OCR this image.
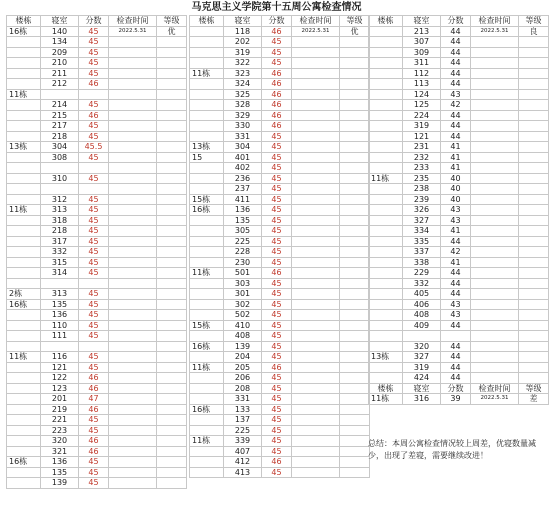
马克思主义学院第十五周公寓检查情况
楼栋	寝室	分数	检查时间	等级
16栋	140	45	2022.5.31	优
	134	45		
	209	45		
	210	45		
	211	45		
	212	46		
11栋				
	214	45		
	215	46		
	217	45		
	218	45		
13栋	304	45.5		
	308	45		

	310	45		

	312	45		
11栋	313	45		
	318	45		
	218	45		
	317	45		
	332	45		
	315	45		
	314	45		

2栋	313	45		
16栋	135	45		
	136	45		
	110	45		
	111	45		

11栋	116	45		
	121	45		
	122	46		
	123	46		
	201	47		
	219	46		
	221	45		
	223	45		
	320	46		
	321	46		
16栋	136	45		
	135	45		
	139	45		
楼栋	寝室	分数	检查时间	等级
	118	46	2022.5.31	优
	202	45		
	319	45		
	322	45		
11栋	323	46		
	324	46		
	325	46		
	328	46		
	329	46		
	330	46		
	331	45		
13栋	304	45		
15	401	45		
	402	45		
	236	45		
	237	45		
15栋	411	45		
16栋	136	45		
	135	45		
	305	45		
	225	45		
	228	45		
	230	45		
11栋	501	46		
	303	45		
	301	45		
	302	45		
	502	45		
15栋	410	45		
	408	45		
16栋	139	45		
	204	45		
11栋	205	46		
	206	45		
	208	45		
	331	45		
16栋	133	45		
	137	45		
	225	45		
11栋	339	45		
	407	45		
	412	46		
	413	45		
楼栋	寝室	分数	检查时间	等级
	213	44	2022.5.31	良
	307	44		
	309	44		
	311	44		
	112	44		
	113	44		
	124	43		
	125	42		
	224	44		
	319	44		
	121	44		
	231	41		
	232	41		
	233	41		
11栋	235	40		
	238	40		
	239	40		
	326	43		
	327	43		
	334	41		
	335	44		
	337	42		
	338	41		
	229	44		
	332	44		
	405	44		
	406	43		
	408	43		
	409	44		

	320	44		
13栋	327	44		
	319	44		
	424	44		
楼栋	寝室	分数	检查时间	等级
11栋	316	39	2022.5.31	差
总结：本周公寓检查情况较上周差，优寝数量减少，出现了差寝，需要继续改进！
